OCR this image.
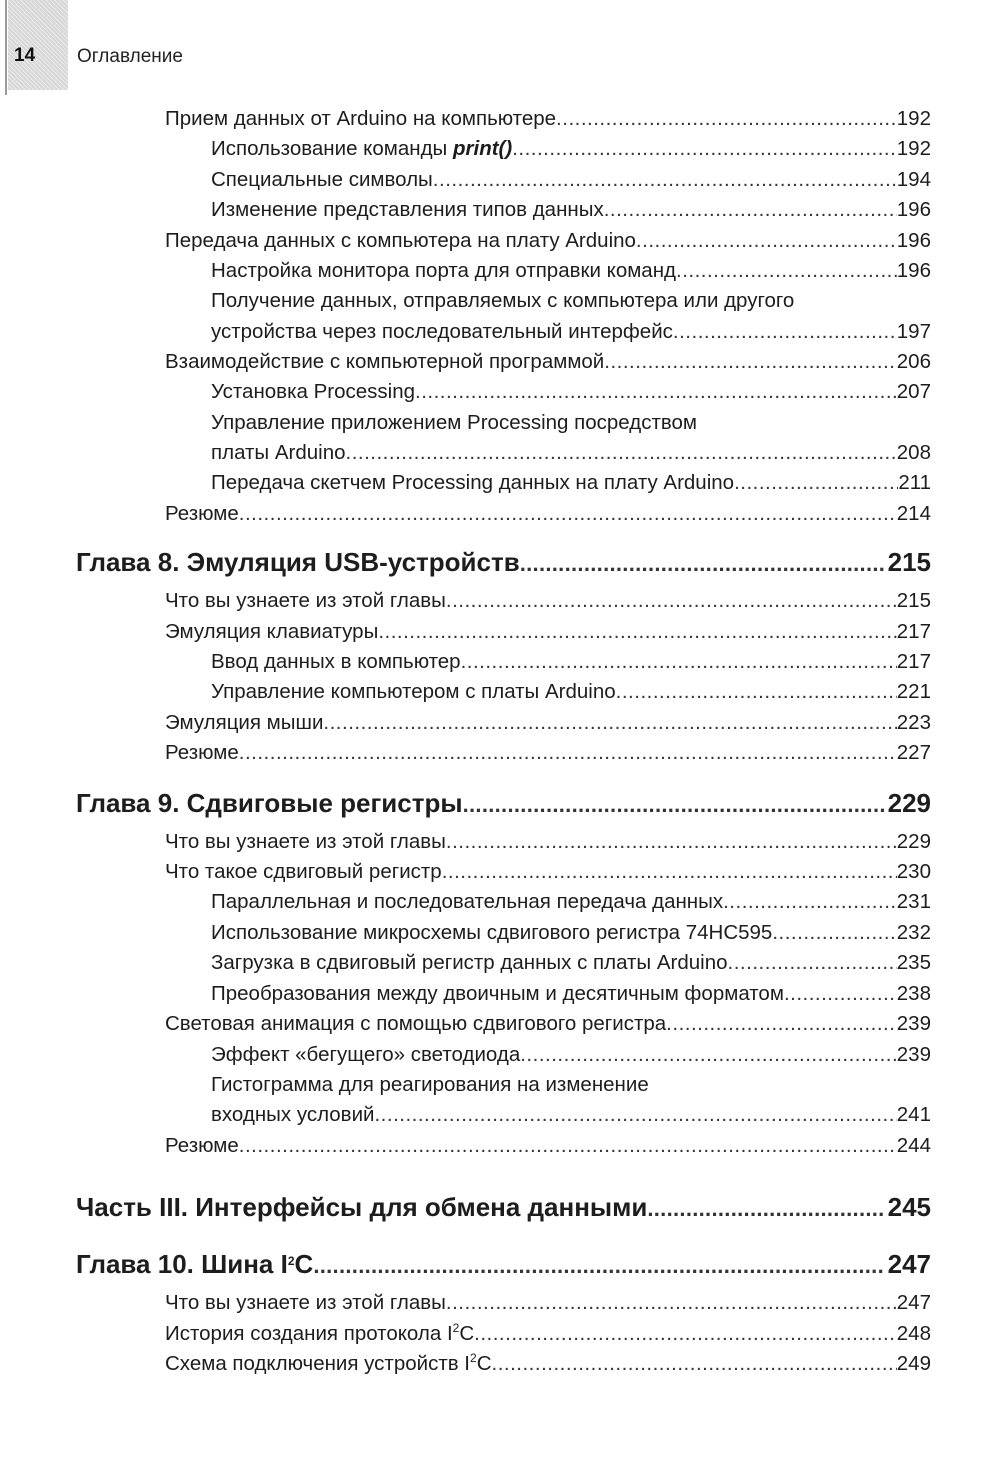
14 Оглавление
Прием данных от Arduino на компьютере .....	192
Использование команды print() .....	192
Специальные символы .....	194
Изменение представления типов данных .....	196
Передача данных с компьютера на плату Arduino .....	196
Настройка монитора порта для отправки команд .....	196
Получение данных, отправляемых с компьютера или другого
устройства через последовательный интерфейс .....	197
Взаимодействие с компьютерной программой .....	206
Установка Processing .....	207
Управление приложением Processing посредством
платы Arduino .....	208
Передача скетчем Processing данных на плату Arduino .....	211
Резюме .....	214
Глава 8. Эмуляция USB-устройств .....	215
Что вы узнаете из этой главы .....	215
Эмуляция клавиатуры .....	217
Ввод данных в компьютер .....	217
Управление компьютером с платы Arduino .....	221
Эмуляция мыши .....	223
Резюме .....	227
Глава 9. Сдвиговые регистры .....	229
Что вы узнаете из этой главы .....	229
Что такое сдвиговый регистр .....	230
Параллельная и последовательная передача данных .....	231
Использование микросхемы сдвигового регистра 74HC595 .....	232
Загрузка в сдвиговый регистр данных с платы Arduino .....	235
Преобразования между двоичным и десятичным форматом .....	238
Световая анимация с помощью сдвигового регистра .....	239
Эффект «бегущего» светодиода .....	239
Гистограмма для реагирования на изменение
входных условий .....	241
Резюме .....	244
Часть III. Интерфейсы для обмена данными .....	245
Глава 10. Шина $I^2C$ .....	247
Что вы узнаете из этой главы .....	247
История создания протокола $I^2C$ .....	248
Схема подключения устройств $I^2C$ .....	249
